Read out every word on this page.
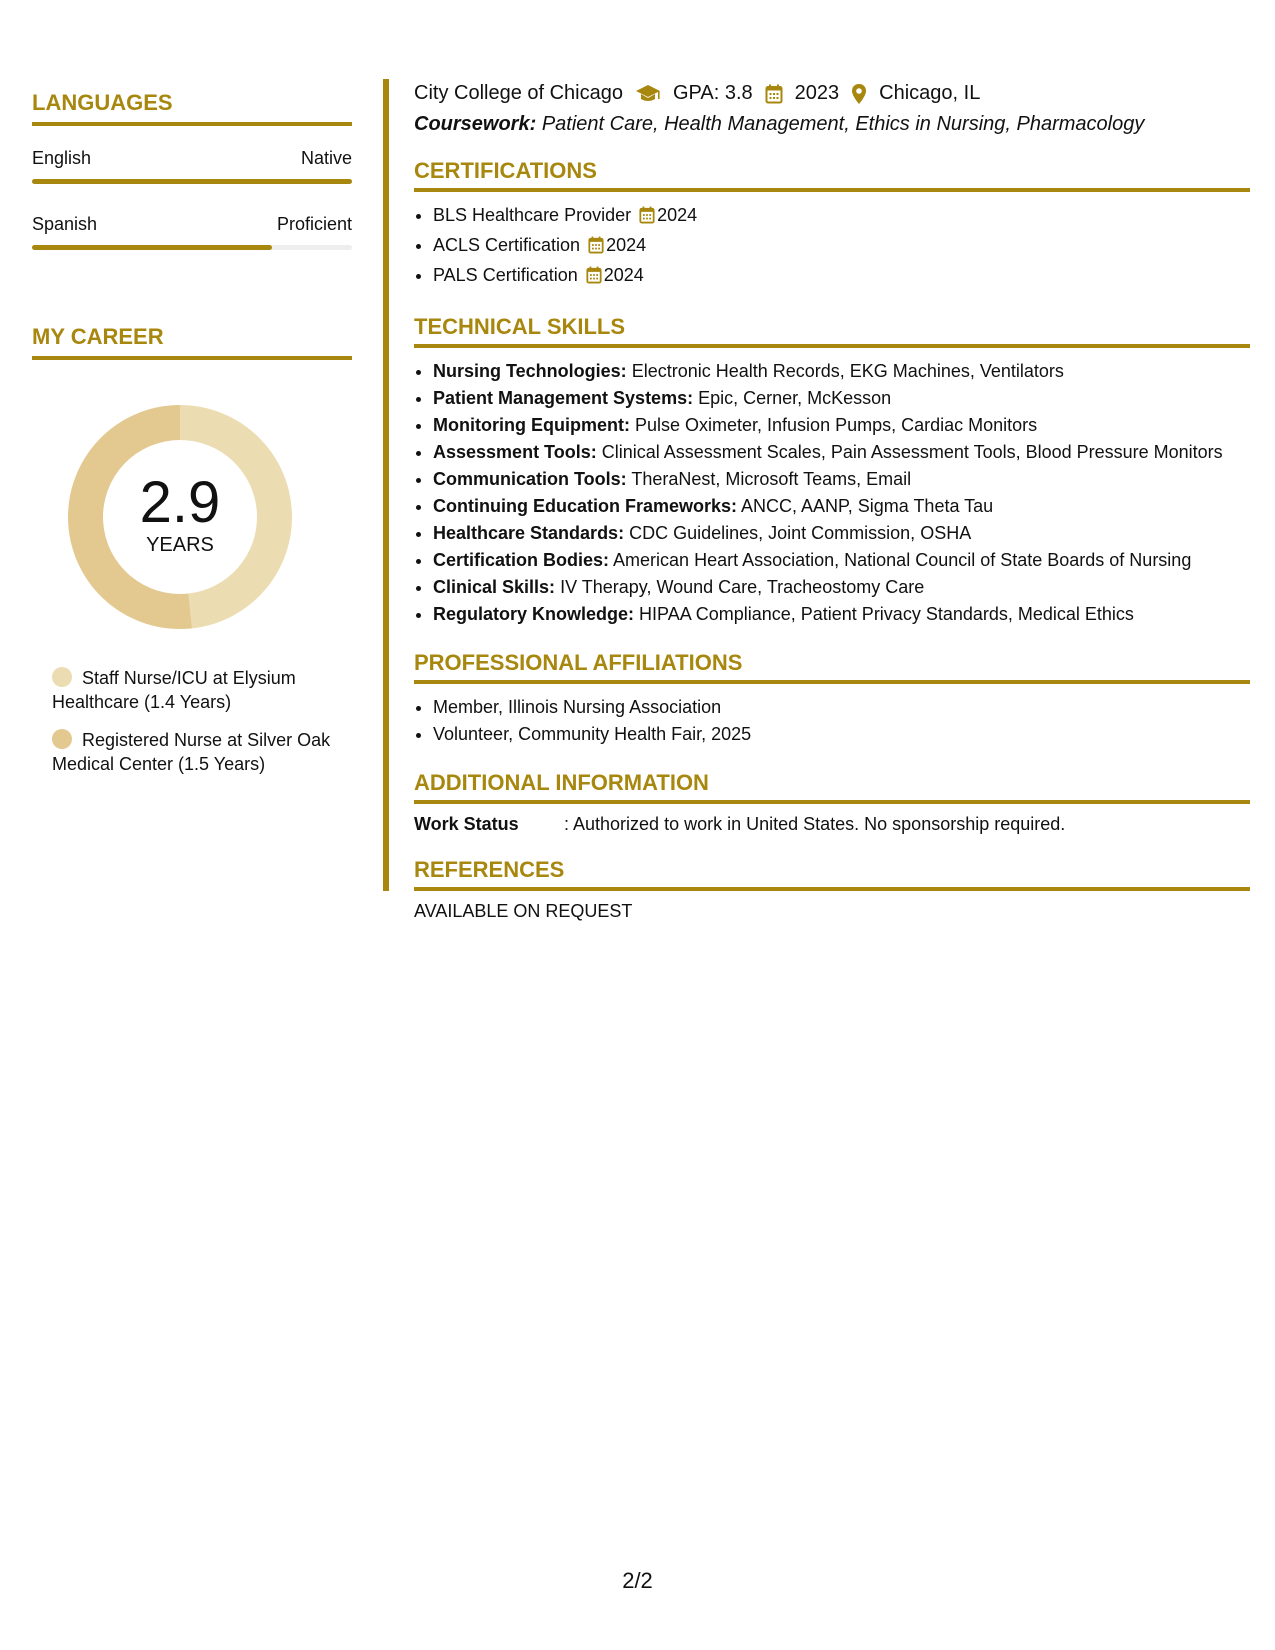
LANGUAGES
English	Native
Spanish	Proficient
MY CAREER
2.9
YEARS
Staff Nurse/ICU at Elysium Healthcare (1.4 Years)
Registered Nurse at Silver Oak Medical Center (1.5 Years)
City College of Chicago	GPA: 3.8 2023 Chicago, IL
Coursework: Patient Care, Health Management, Ethics in Nursing, Pharmacology
CERTIFICATIONS
• BLS Healthcare Provider 2024
• ACLS Certification 2024
• PALS Certification 2024
TECHNICAL SKILLS
• Nursing Technologies: Electronic Health Records, EKG Machines, Ventilators
• Patient Management Systems: Epic, Cerner, McKesson
• Monitoring Equipment: Pulse Oximeter, Infusion Pumps, Cardiac Monitors
• Assessment Tools: Clinical Assessment Scales, Pain Assessment Tools, Blood Pressure Monitors
• Communication Tools: TheraNest, Microsoft Teams, Email
• Continuing Education Frameworks: ANCC, AANP, Sigma Theta Tau
• Healthcare Standards: CDC Guidelines, Joint Commission, OSHA
• Certification Bodies: American Heart Association, National Council of State Boards of Nursing
• Clinical Skills: IV Therapy, Wound Care, Tracheostomy Care
• Regulatory Knowledge: HIPAA Compliance, Patient Privacy Standards, Medical Ethics
PROFESSIONAL AFFILIATIONS
• Member, Illinois Nursing Association
• Volunteer, Community Health Fair, 2025
ADDITIONAL INFORMATION
Work Status	: Authorized to work in United States. No sponsorship required.
REFERENCES
AVAILABLE ON REQUEST
2/2
